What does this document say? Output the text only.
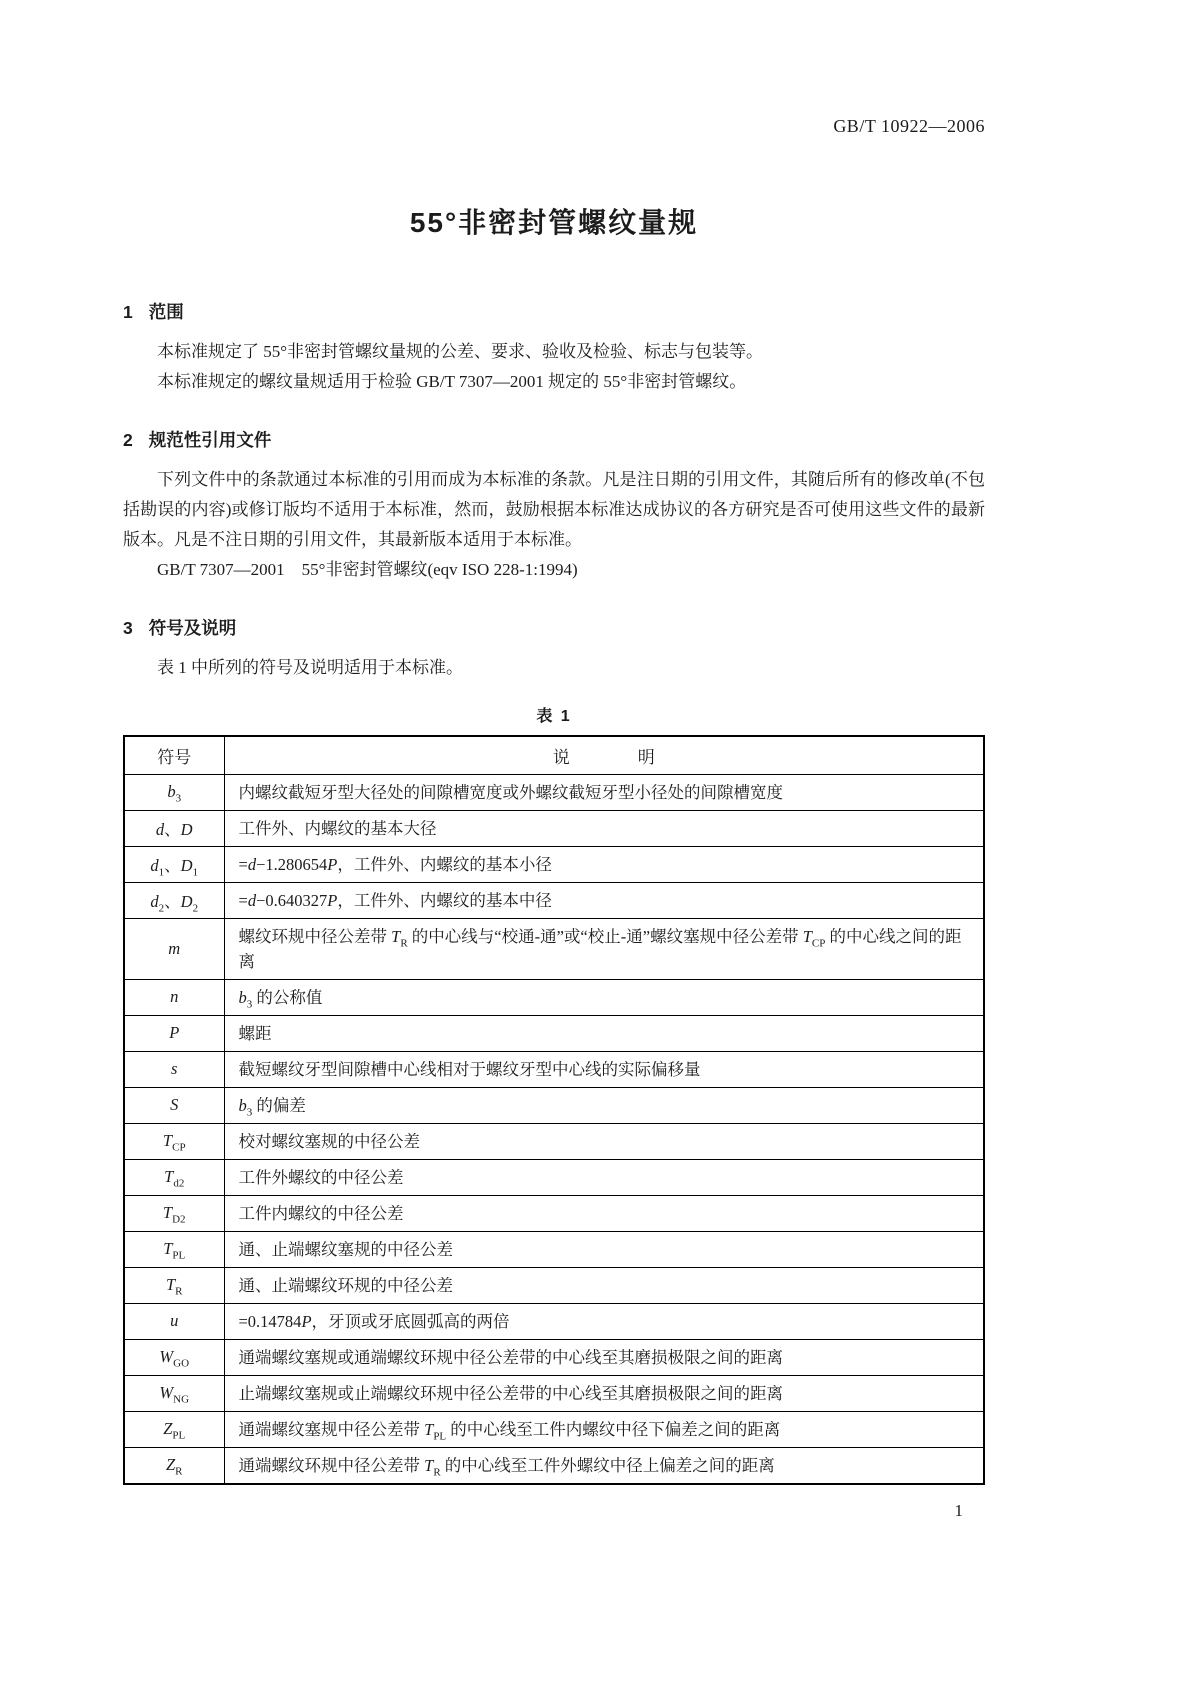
GB/T 10922—2006
55°非密封管螺纹量规
1 范围

本标准规定了 55°非密封管螺纹量规的公差、要求、验收及检验、标志与包装等。

本标准规定的螺纹量规适用于检验 GB/T 7307—2001 规定的 55°非密封管螺纹。

2 规范性引用文件

下列文件中的条款通过本标准的引用而成为本标准的条款。凡是注日期的引用文件，其随后所有的修改单(不包括勘误的内容)或修订版均不适用于本标准，然而，鼓励根据本标准达成协议的各方研究是否可使用这些文件的最新版本。凡是不注日期的引用文件，其最新版本适用于本标准。

GB/T 7307—2001　55°非密封管螺纹(eqv ISO 228-1:1994)

3 符号及说明

表 1 中所列的符号及说明适用于本标准。

表 1
符号	说　　　　明
$b_3$	内螺纹截短牙型大径处的间隙槽宽度或外螺纹截短牙型小径处的间隙槽宽度
d、D	工件外、内螺纹的基本大径
$d_1$、$D_1$	=d−1.280654P，工件外、内螺纹的基本小径
$d_2$、$D_2$	=d−0.640327P，工件外、内螺纹的基本中径
m	螺纹环规中径公差带 $T_R$ 的中心线与“校通-通”或“校止-通”螺纹塞规中径公差带 $T_{CP}$ 的中心线之间的距离
n	$b_3$ 的公称值
P	螺距
s	截短螺纹牙型间隙槽中心线相对于螺纹牙型中心线的实际偏移量
S	$b_3$ 的偏差
$T_{CP}$	校对螺纹塞规的中径公差
$T_{d2}$	工件外螺纹的中径公差
$T_{D2}$	工件内螺纹的中径公差
$T_{PL}$	通、止端螺纹塞规的中径公差
$T_R$	通、止端螺纹环规的中径公差
u	=0.14784P，牙顶或牙底圆弧高的两倍
$W_{GO}$	通端螺纹塞规或通端螺纹环规中径公差带的中心线至其磨损极限之间的距离
$W_{NG}$	止端螺纹塞规或止端螺纹环规中径公差带的中心线至其磨损极限之间的距离
$Z_{PL}$	通端螺纹塞规中径公差带 $T_{PL}$ 的中心线至工件内螺纹中径下偏差之间的距离
$Z_R$	通端螺纹环规中径公差带 $T_R$ 的中心线至工件外螺纹中径上偏差之间的距离
1
